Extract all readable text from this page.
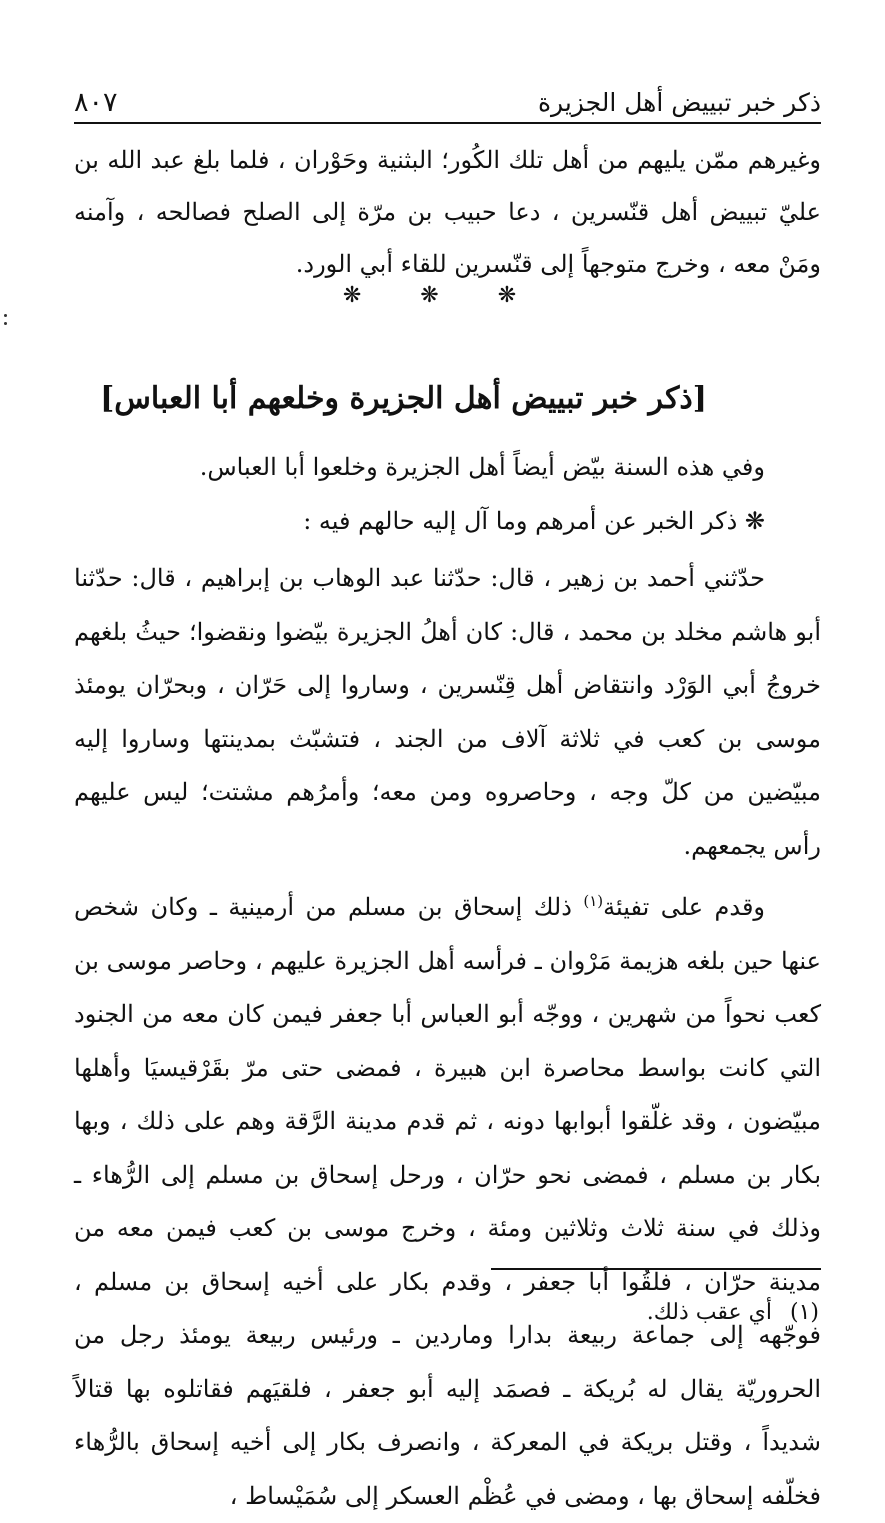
ذكر خبر تبييض أهل الجزيرة
٨٠٧
وغيرهم ممّن يليهم من أهل تلك الكُور؛ البثنية وحَوْران ، فلما بلغ عبد الله بن عليّ تبييض أهل قنّسرين ، دعا حبيب بن مرّة إلى الصلح فصالحه ، وآمنه ومَنْ معه ، وخرج متوجهاً إلى قنّسرين للقاء أبي الورد.
❋ ❋ ❋
[ذكر خبر تبييض أهل الجزيرة وخلعهم أبا العباس]
وفي هذه السنة بيّض أيضاً أهل الجزيرة وخلعوا أبا العباس.
❋ ذكر الخبر عن أمرهم وما آل إليه حالهم فيه :
حدّثني أحمد بن زهير ، قال: حدّثنا عبد الوهاب بن إبراهيم ، قال: حدّثنا أبو هاشم مخلد بن محمد ، قال: كان أهلُ الجزيرة بيّضوا ونقضوا؛ حيثُ بلغهم خروجُ أبي الوَرْد وانتقاض أهل قِنّسرين ، وساروا إلى حَرّان ، وبحرّان يومئذ موسى بن كعب في ثلاثة آلاف من الجند ، فتشبّث بمدينتها وساروا إليه مبيّضين من كلّ وجه ، وحاصروه ومن معه؛ وأمرُهم مشتت؛ ليس عليهم رأس يجمعهم.
وقدم على تفيئة$^{(١)}$ ذلك إسحاق بن مسلم من أرمينية ـ وكان شخص عنها حين بلغه هزيمة مَرْوان ـ فرأسه أهل الجزيرة عليهم ، وحاصر موسى بن كعب نحواً من شهرين ، ووجّه أبو العباس أبا جعفر فيمن كان معه من الجنود التي كانت بواسط محاصرة ابن هبيرة ، فمضى حتى مرّ بقَرْقيسيَا وأهلها مبيّضون ، وقد غلّقوا أبوابها دونه ، ثم قدم مدينة الرَّقة وهم على ذلك ، وبها بكار بن مسلم ، فمضى نحو حرّان ، ورحل إسحاق بن مسلم إلى الرُّهاء ـ وذلك في سنة ثلاث وثلاثين ومئة ، وخرج موسى بن كعب فيمن معه من مدينة حرّان ، فلقُوا أبا جعفر ، وقدم بكار على أخيه إسحاق بن مسلم ، فوجّهه إلى جماعة ربيعة بدارا وماردين ـ ورئيس ربيعة يومئذ رجل من الحروريّة يقال له بُريكة ـ فصمَد إليه أبو جعفر ، فلقيَهم فقاتلوه بها قتالاً شديداً ، وقتل بريكة في المعركة ، وانصرف بكار إلى أخيه إسحاق بالرُّهاء فخلّفه إسحاق بها ، ومضى في عُظْم العسكر إلى سُمَيْساط ،
(١)أي عقب ذلك.
